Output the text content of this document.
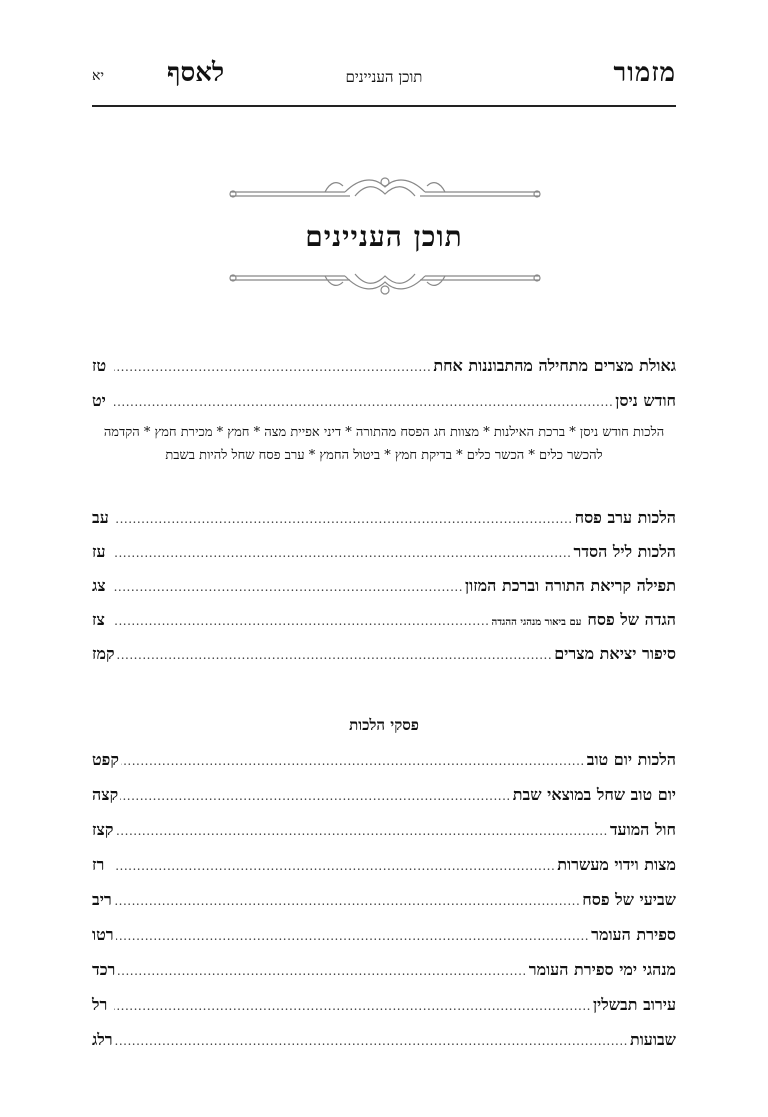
מזמור
תוכן העניינים
לאסף
יא
תוכן העניינים
גאולת מצרים מתחילה מהתבוננות אחת
.....
טז
חודש ניסן
.....
יט
הלכות חודש ניסן * ברכת האילנות * מצוות חג הפסח מהתורה * דיני אפיית מצה * חמץ * מכירת חמץ * הקדמה להכשר כלים * הכשר כלים * בדיקת חמץ * ביטול החמץ * ערב פסח שחל להיות בשבת
הלכות ערב פסח
.....
עב
הלכות ליל הסדר
.....
עז
תפילה קריאת התורה וברכת המזון
.....
צג
הגדה של פסח
עם ביאור מנהגי ההגדה
.....
צז
סיפור יציאת מצרים
.....
קמז
פסקי הלכות
הלכות יום טוב
.....
קפט
יום טוב שחל במוצאי שבת
.....
קצה
חול המועד
.....
קצז
מצות וידוי מעשרות
.....
רז
שביעי של פסח
.....
ריב
ספירת העומר
.....
רטו
מנהגי ימי ספירת העומר
.....
רכד
עירוב תבשלין
.....
רל
שבועות
.....
רלג
